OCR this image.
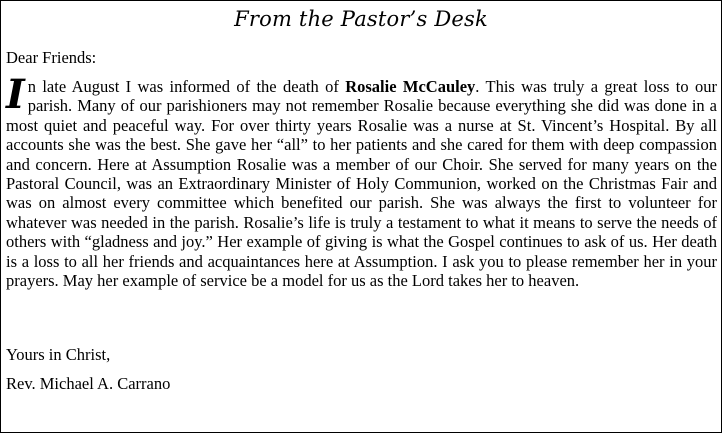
From the Pastor’s Desk
Dear Friends:
In late August I was informed of the death of Rosalie McCauley. This was truly a great loss to our parish. Many of our parishioners may not remember Rosalie because everything she did was done in a most quiet and peaceful way. For over thirty years Rosalie was a nurse at St. Vincent’s Hospital. By all accounts she was the best. She gave her “all” to her patients and she cared for them with deep compassion and concern. Here at Assumption Rosalie was a member of our Choir. She served for many years on the Pastoral Council, was an Extraordinary Minister of Holy Communion, worked on the Christmas Fair and was on almost every committee which benefited our parish. She was always the first to volunteer for whatever was needed in the parish. Rosalie’s life is truly a testament to what it means to serve the needs of others with “gladness and joy.” Her example of giving is what the Gospel continues to ask of us. Her death is a loss to all her friends and acquaintances here at Assumption. I ask you to please remember her in your prayers. May her example of service be a model for us as the Lord takes her to heaven.
Yours in Christ,
Rev. Michael A. Carrano
